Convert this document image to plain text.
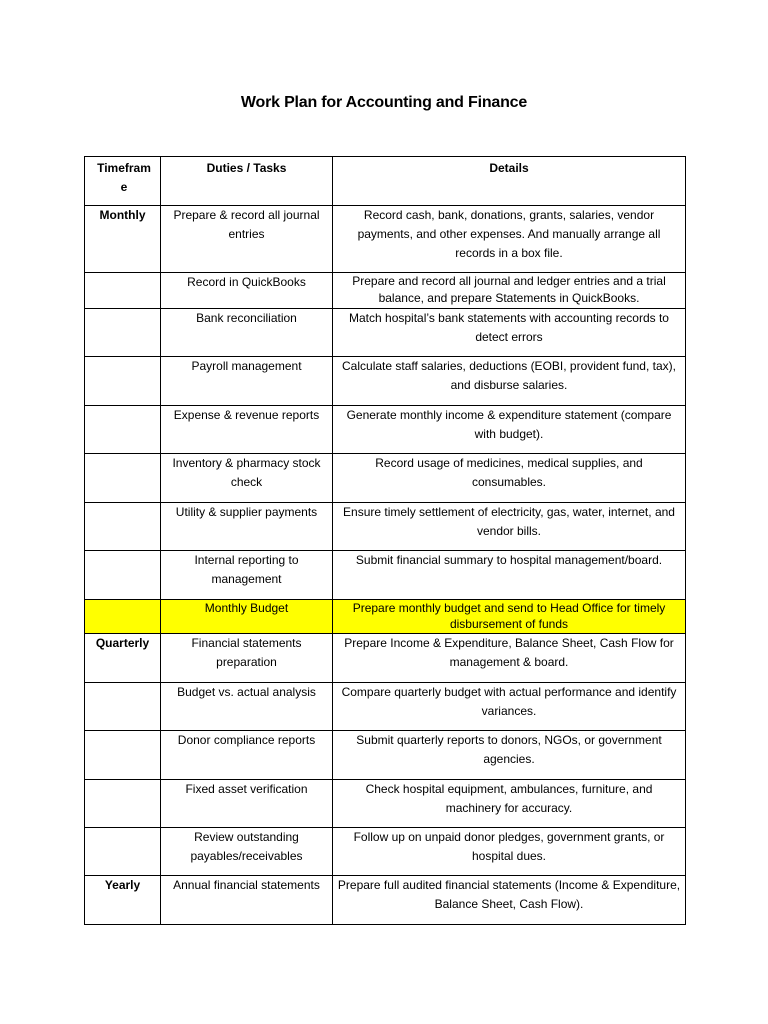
Work Plan for Accounting and Finance
Timeframe	Duties / Tasks	Details
Monthly	Prepare & record all journal entries	Record cash, bank, donations, grants, salaries, vendor payments, and other expenses. And manually arrange all records in a box file.
	Record in QuickBooks	Prepare and record all journal and ledger entries and a trial balance, and prepare Statements in QuickBooks.
	Bank reconciliation	Match hospital’s bank statements with accounting records to detect errors
	Payroll management	Calculate staff salaries, deductions (EOBI, provident fund, tax), and disburse salaries.
	Expense & revenue reports	Generate monthly income & expenditure statement (compare with budget).
	Inventory & pharmacy stock check	Record usage of medicines, medical supplies, and consumables.
	Utility & supplier payments	Ensure timely settlement of electricity, gas, water, internet, and vendor bills.
	Internal reporting to management	Submit financial summary to hospital management/board.
	Monthly Budget	Prepare monthly budget and send to Head Office for timely disbursement of funds
Quarterly	Financial statements preparation	Prepare Income & Expenditure, Balance Sheet, Cash Flow for management & board.
	Budget vs. actual analysis	Compare quarterly budget with actual performance and identify variances.
	Donor compliance reports	Submit quarterly reports to donors, NGOs, or government agencies.
	Fixed asset verification	Check hospital equipment, ambulances, furniture, and machinery for accuracy.
	Review outstanding payables/receivables	Follow up on unpaid donor pledges, government grants, or hospital dues.
Yearly	Annual financial statements	Prepare full audited financial statements (Income & Expenditure, Balance Sheet, Cash Flow).
